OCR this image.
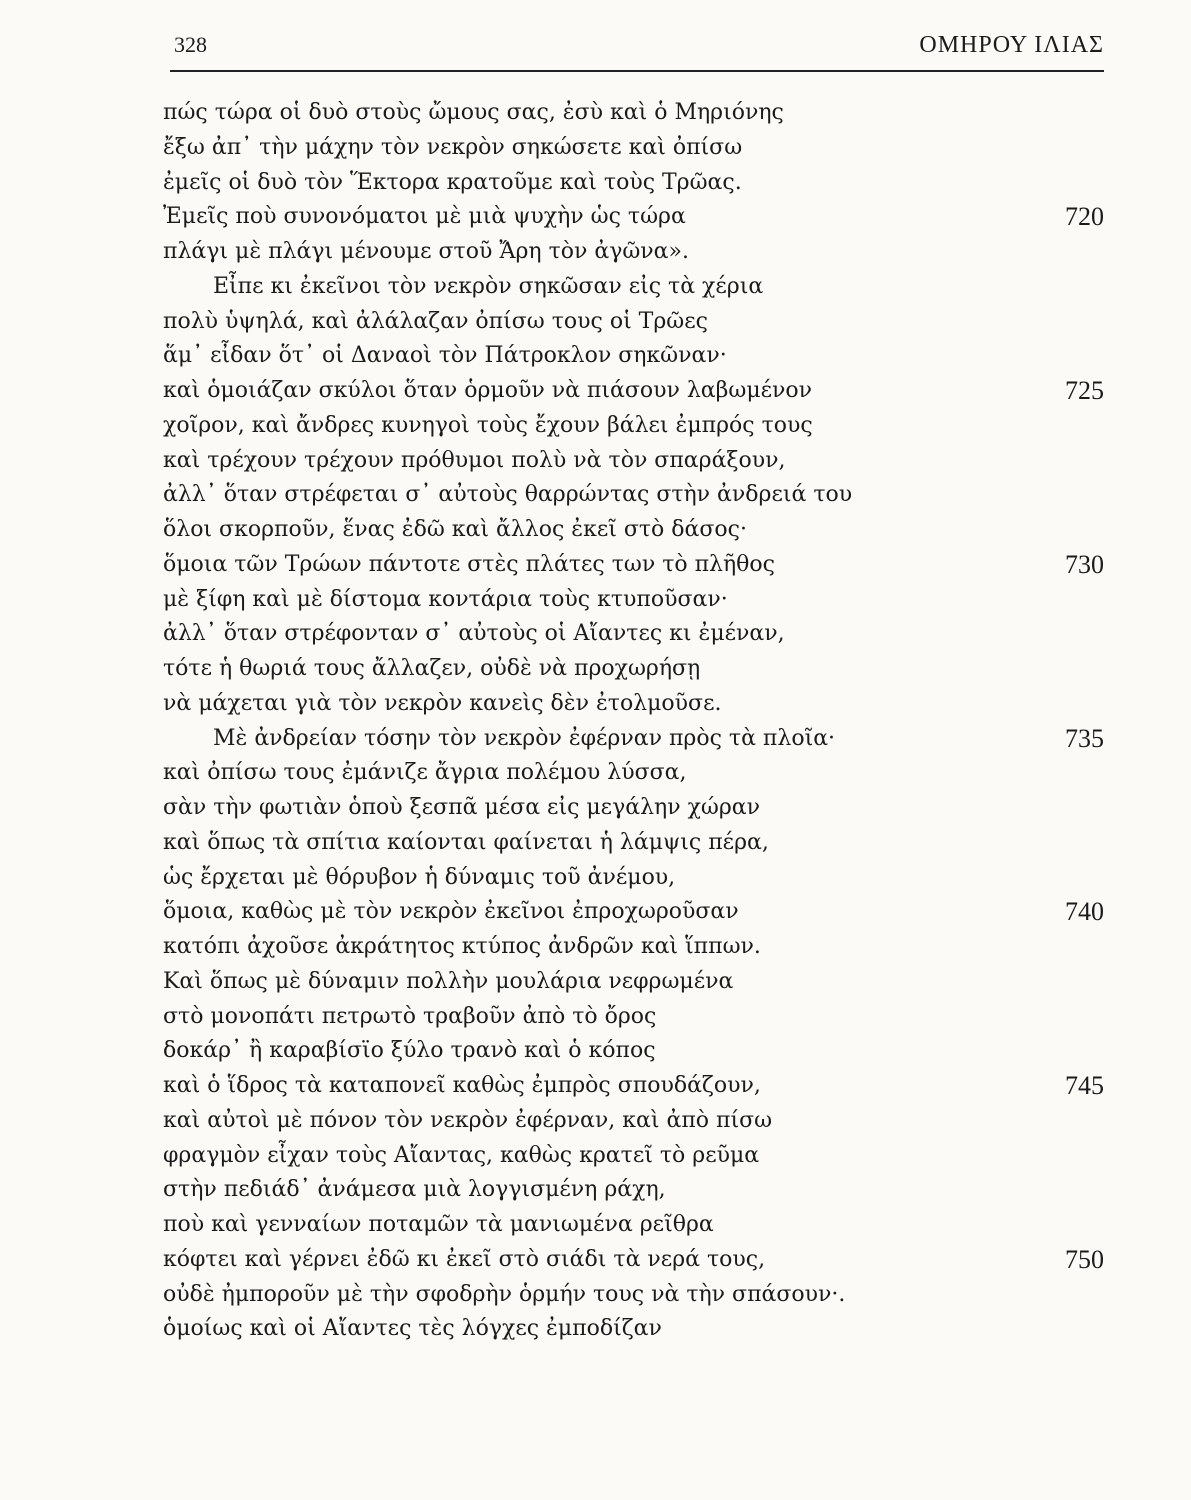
328	ΟΜΗΡΟΥ ΙΛΙΑΣ
πώς τώρα οἱ δυὸ στοὺς ὤμους σας, ἐσὺ καὶ ὁ Μηριόνης
ἔξω ἀπ᾽ τὴν μάχην τὸν νεκρὸν σηκώσετε καὶ ὀπίσω
ἐμεῖς οἱ δυὸ τὸν Ἕκτορα κρατοῦμε καὶ τοὺς Τρῶας.
Ἐμεῖς ποὺ συνονόματοι μὲ μιὰ ψυχὴν ὡς τώρα	720
πλάγι μὲ πλάγι μένουμε στοῦ Ἄρη τὸν ἀγῶνα».
Εἶπε κι ἐκεῖνοι τὸν νεκρὸν σηκῶσαν εἰς τὰ χέρια
πολὺ ὑψηλά, καὶ ἀλάλαζαν ὀπίσω τους οἱ Τρῶες
ἅμ᾽ εἶδαν ὅτ᾽ οἱ Δαναοὶ τὸν Πάτροκλον σηκῶναν·
καὶ ὁμοιάζαν σκύλοι ὅταν ὁρμοῦν νὰ πιάσουν λαβωμένον	725
χοῖρον, καὶ ἄνδρες κυνηγοὶ τοὺς ἔχουν βάλει ἐμπρός τους
καὶ τρέχουν τρέχουν πρόθυμοι πολὺ νὰ τὸν σπαράξουν,
ἀλλ᾽ ὅταν στρέφεται σ᾽ αὐτοὺς θαρρώντας στὴν ἀνδρειά του
ὅλοι σκορποῦν, ἕνας ἐδῶ καὶ ἄλλος ἐκεῖ στὸ δάσος·
ὅμοια τῶν Τρώων πάντοτε στὲς πλάτες των τὸ πλῆθος	730
μὲ ξίφη καὶ μὲ δίστομα κοντάρια τοὺς κτυποῦσαν·
ἀλλ᾽ ὅταν στρέφονταν σ᾽ αὐτοὺς οἱ Αἴαντες κι ἐμέναν,
τότε ἡ θωριά τους ἄλλαζεν, οὐδὲ νὰ προχωρήσῃ
νὰ μάχεται γιὰ τὸν νεκρὸν κανεὶς δὲν ἐτολμοῦσε.
Μὲ ἀνδρείαν τόσην τὸν νεκρὸν ἐφέρναν πρὸς τὰ πλοῖα·	735
καὶ ὀπίσω τους ἐμάνιζε ἄγρια πολέμου λύσσα,
σὰν τὴν φωτιὰν ὁποὺ ξεσπᾶ μέσα εἰς μεγάλην χώραν
καὶ ὅπως τὰ σπίτια καίονται φαίνεται ἡ λάμψις πέρα,
ὡς ἔρχεται μὲ θόρυβον ἡ δύναμις τοῦ ἀνέμου,
ὅμοια, καθὼς μὲ τὸν νεκρὸν ἐκεῖνοι ἐπροχωροῦσαν	740
κατόπι ἀχοῦσε ἀκράτητος κτύπος ἀνδρῶν καὶ ἵππων.
Καὶ ὅπως μὲ δύναμιν πολλὴν μουλάρια νεφρωμένα
στὸ μονοπάτι πετρωτὸ τραβοῦν ἀπὸ τὸ ὄρος
δοκάρ᾽ ἢ καραβίσϊο ξύλο τρανὸ καὶ ὁ κόπος
καὶ ὁ ἵδρος τὰ καταπονεῖ καθὼς ἐμπρὸς σπουδάζουν,	745
καὶ αὐτοὶ μὲ πόνον τὸν νεκρὸν ἐφέρναν, καὶ ἀπὸ πίσω
φραγμὸν εἶχαν τοὺς Αἴαντας, καθὼς κρατεῖ τὸ ρεῦμα
στὴν πεδιάδ᾽ ἀνάμεσα μιὰ λογγισμένη ράχη,
ποὺ καὶ γενναίων ποταμῶν τὰ μανιωμένα ρεῖθρα
κόφτει καὶ γέρνει ἐδῶ κι ἐκεῖ στὸ σιάδι τὰ νερά τους,	750
οὐδὲ ἠμποροῦν μὲ τὴν σφοδρὴν ὁρμήν τους νὰ τὴν σπάσουν·.
ὁμοίως καὶ οἱ Αἴαντες τὲς λόγχες ἐμποδίζαν
